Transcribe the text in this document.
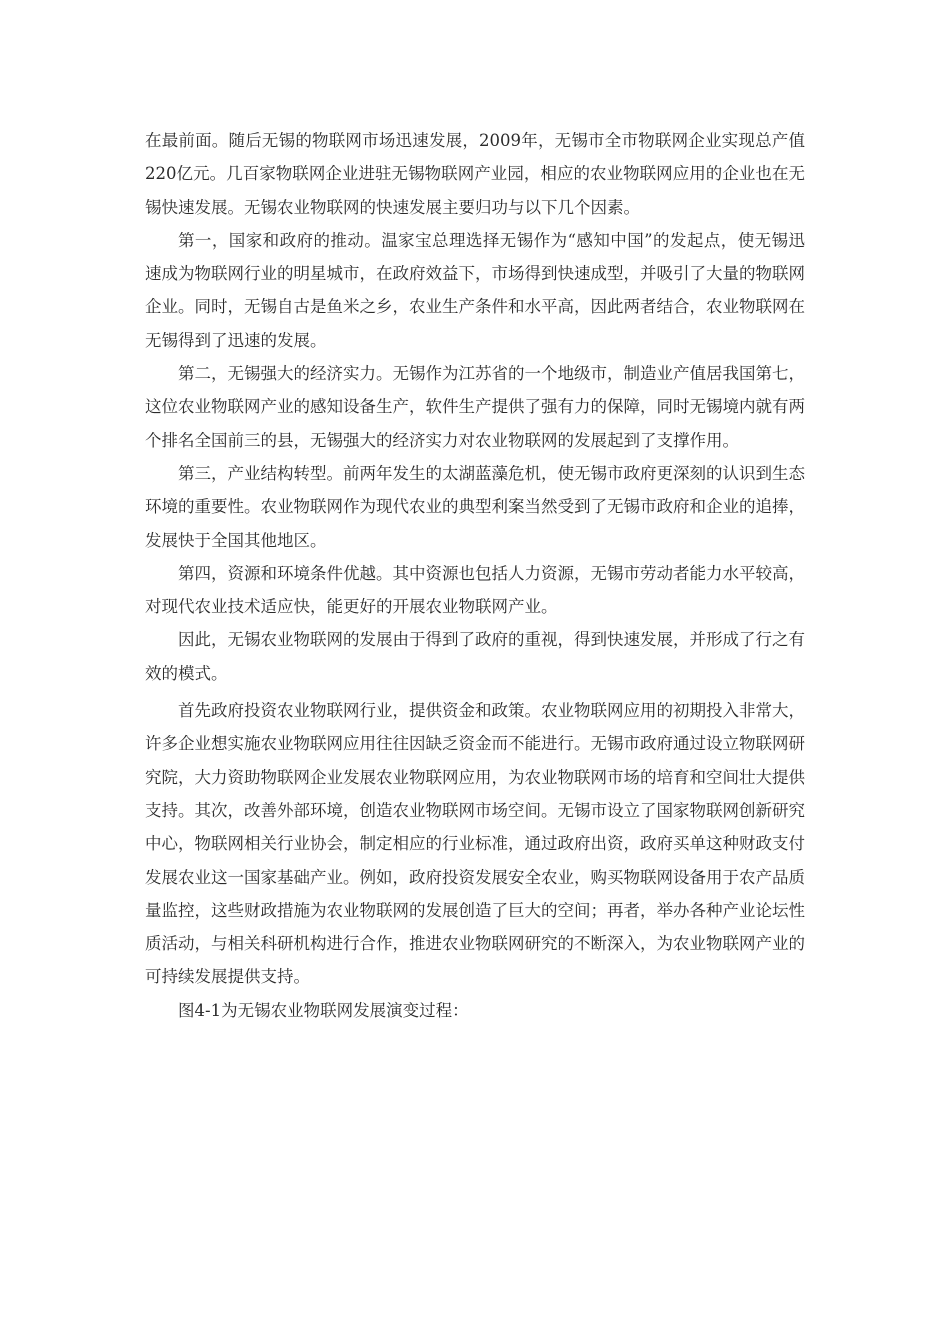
在最前面。随后无锡的物联网市场迅速发展，2009年，无锡市全市物联网企业实现总产值220亿元。几百家物联网企业进驻无锡物联网产业园，相应的农业物联网应用的企业也在无锡快速发展。无锡农业物联网的快速发展主要归功与以下几个因素。

第一，国家和政府的推动。温家宝总理选择无锡作为“感知中国”的发起点，使无锡迅速成为物联网行业的明星城市，在政府效益下，市场得到快速成型，并吸引了大量的物联网企业。同时，无锡自古是鱼米之乡，农业生产条件和水平高，因此两者结合，农业物联网在无锡得到了迅速的发展。

第二，无锡强大的经济实力。无锡作为江苏省的一个地级市，制造业产值居我国第七，这位农业物联网产业的感知设备生产，软件生产提供了强有力的保障，同时无锡境内就有两个排名全国前三的县，无锡强大的经济实力对农业物联网的发展起到了支撑作用。

第三，产业结构转型。前两年发生的太湖蓝藻危机，使无锡市政府更深刻的认识到生态环境的重要性。农业物联网作为现代农业的典型利案当然受到了无锡市政府和企业的追捧，发展快于全国其他地区。

第四，资源和环境条件优越。其中资源也包括人力资源，无锡市劳动者能力水平较高，对现代农业技术适应快，能更好的开展农业物联网产业。

因此，无锡农业物联网的发展由于得到了政府的重视，得到快速发展，并形成了行之有效的模式。

首先政府投资农业物联网行业，提供资金和政策。农业物联网应用的初期投入非常大，许多企业想实施农业物联网应用往往因缺乏资金而不能进行。无锡市政府通过设立物联网研究院，大力资助物联网企业发展农业物联网应用，为农业物联网市场的培育和空间壮大提供支持。其次，改善外部环境，创造农业物联网市场空间。无锡市设立了国家物联网创新研究中心，物联网相关行业协会，制定相应的行业标准，通过政府出资，政府买单这种财政支付发展农业这一国家基础产业。例如，政府投资发展安全农业，购买物联网设备用于农产品质量监控，这些财政措施为农业物联网的发展创造了巨大的空间；再者，举办各种产业论坛性质活动，与相关科研机构进行合作，推进农业物联网研究的不断深入，为农业物联网产业的可持续发展提供支持。

图4-1为无锡农业物联网发展演变过程：
